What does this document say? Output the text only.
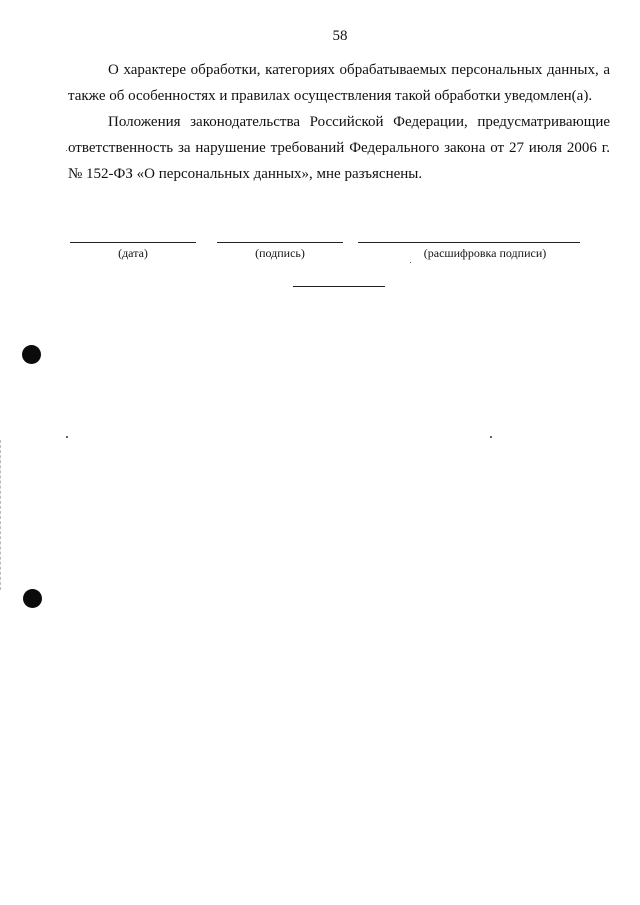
58
О характере обработки, категориях обрабатываемых персональных данных, а также об особенностях и правилах осуществления такой обработки уведомлен(а).
Положения законодательства Российской Федерации, предусматривающие ответственность за нарушение требований Федерального закона от 27 июля 2006 г. № 152-ФЗ «О персональных данных», мне разъяснены.
(дата)	(подпись)	(расшифровка подписи)
